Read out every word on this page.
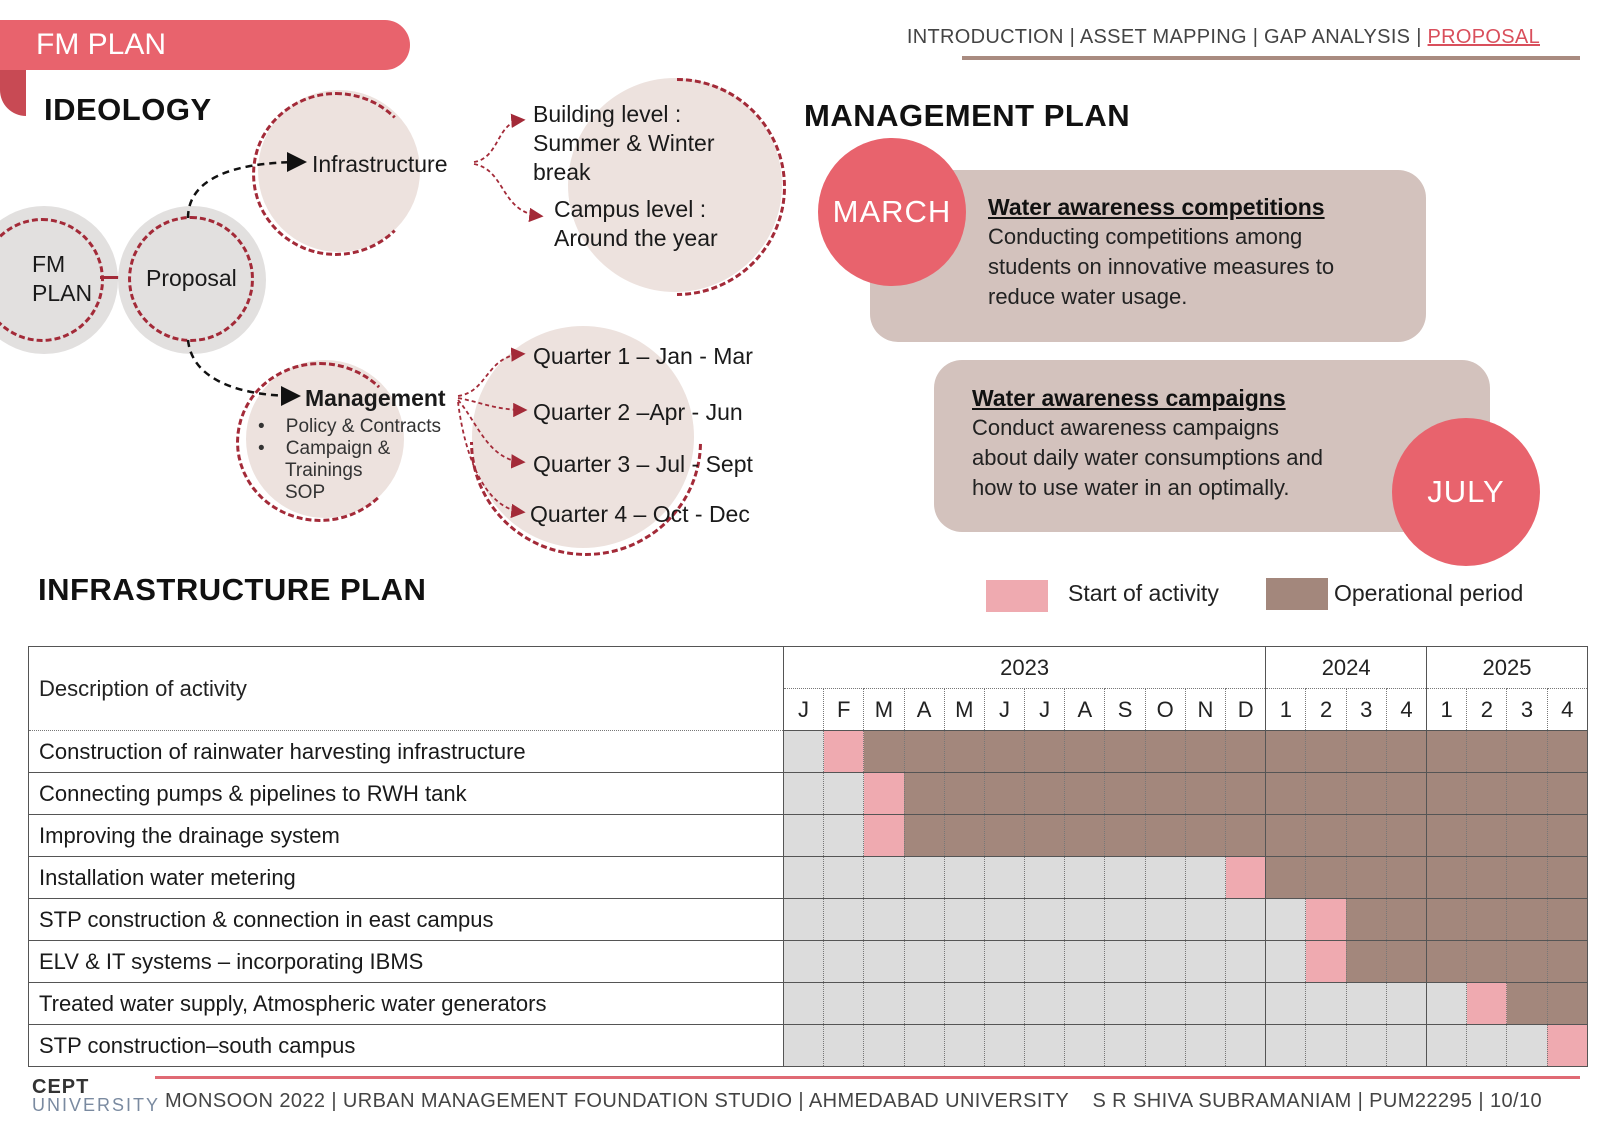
FM PLAN	INTRODUCTION | ASSET MAPPING | GAP ANALYSIS | PROPOSAL
IDEOLOGY
FM
PLAN
Proposal
Infrastructure
Management
•    Policy & Contracts
•    Campaign &
Trainings
SOP
Building level :
Summer & Winter
break
Campus level :
Around the year
Quarter 1 – Jan - Mar
Quarter 2 –Apr - Jun
Quarter 3 – Jul - Sept
Quarter 4 – Oct - Dec
MANAGEMENT PLAN
MARCH	Water awareness competitions
Conducting competitions among
students on innovative measures to
reduce water usage.
JULY
Water awareness campaigns
Conduct awareness campaigns
about daily water consumptions and
how to use water in an optimally.
INFRASTRUCTURE PLAN	Start of activity	Operational period
Description of activity	2023												2024				2025			
	J	F	M	A	M	J	J	A	S	O	N	D	1	2	3	4	1	2	3	4
Construction of rainwater harvesting infrastructure																				
Connecting pumps & pipelines to RWH tank																				
Improving the drainage system																				
Installation water metering																				
STP construction & connection in east campus																				
ELV & IT systems – incorporating IBMS																				
Treated water supply, Atmospheric water generators																				
STP construction–south campus																				
CEPT
UNIVERSITY MONSOON 2022 | URBAN MANAGEMENT FOUNDATION STUDIO | AHMEDABAD UNIVERSITY S R SHIVA SUBRAMANIAM | PUM22295 | 10/10
